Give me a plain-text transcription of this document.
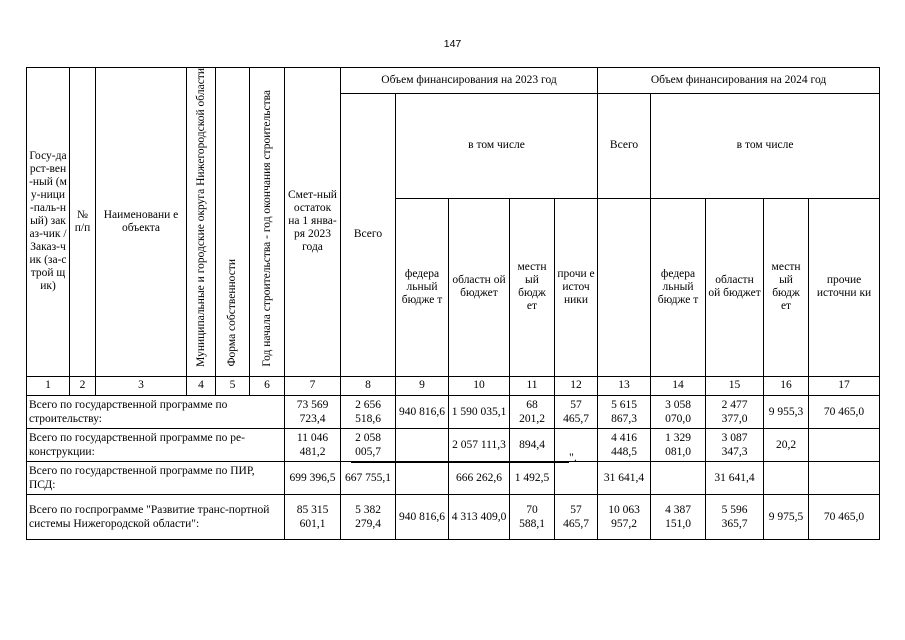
147
Госу-дарст-вен-ный (му-ници-паль-ный) заказ-чик / Заказ-чик (за-строй щик)	№ п/п	Наименовани е объекта	Муниципальные и городские округа Нижегородской области	Форма собственности	Год начала строительства - год окончания строительства	Смет-ный остаток на 1 янва-ря 2023 года	Объем финансирования на 2023 год					Объем финансирования на 2024 год				
							Всего	в том числе				Всего	в том числе			
								федера льный бюдже т	областн ой бюджет	местн ый бюдж ет	прочи е источ ники		федера льный бюдже т	областн ой бюджет	местн ый бюдж ет	прочие источни ки
1	2	3	4	5	6	7	8	9	10	11	12	13	14	15	16	17
Всего по государственной программе по строительству:						73 569 723,4	2 656 518,6	940 816,6	1 590 035,1	68 201,2	57 465,7	5 615 867,3	3 058 070,0	2 477 377,0	9 955,3	70 465,0
Всего по государственной программе по ре-конструкции:						11 046 481,2	2 058 005,7		2 057 111,3	894,4		4 416 448,5	1 329 081,0	3 087 347,3	20,2	
Всего по государственной программе по ПИР, ПСД:						699 396,5	667 755,1		666 262,6	1 492,5		31 641,4		31 641,4		
Всего по госпрограмме "Развитие транс-портной системы Нижегородской области":						85 315 601,1	5 382 279,4	940 816,6	4 313 409,0	70 588,1	57 465,7	10 063 957,2	4 387 151,0	5 596 365,7	9 975,5	70 465,0
".
